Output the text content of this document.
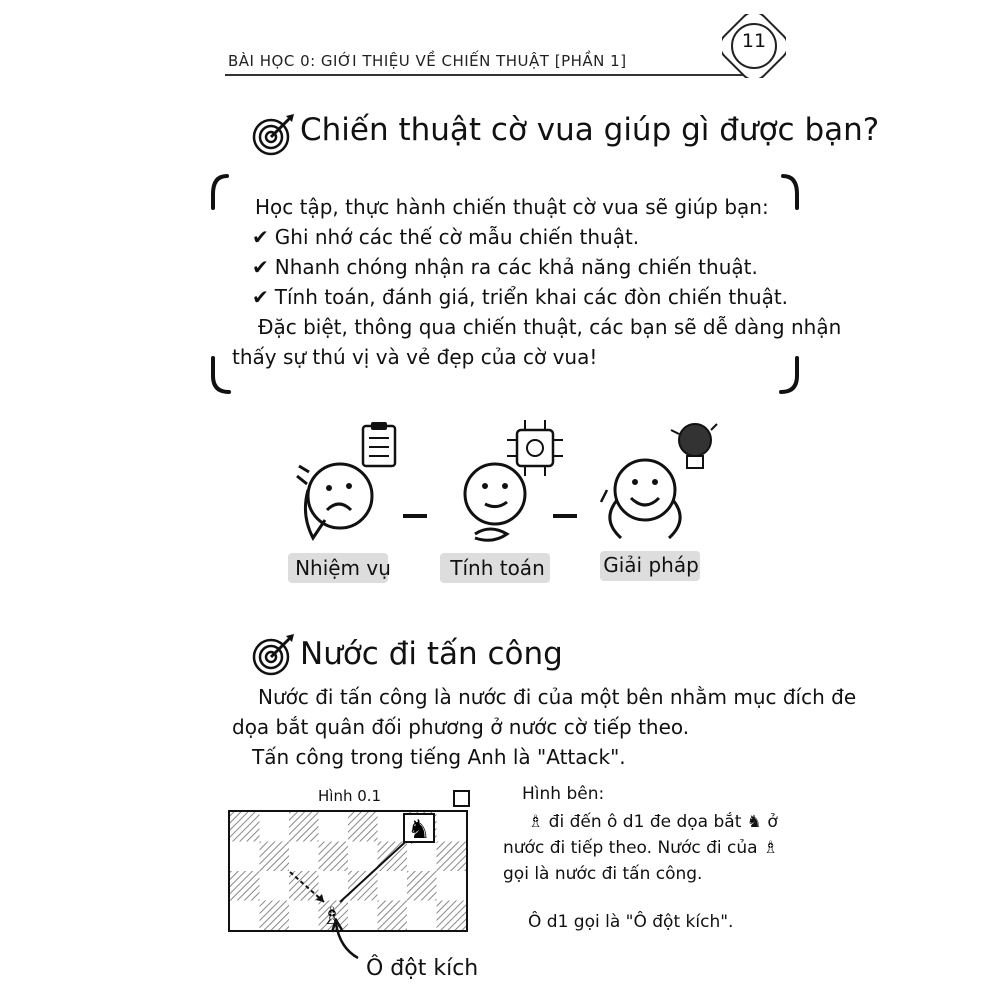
BÀI HỌC 0: GIỚI THIỆU VỀ CHIẾN THUẬT [PHẦN 1]
11
Chiến thuật cờ vua giúp gì được bạn?
Học tập, thực hành chiến thuật cờ vua sẽ giúp bạn:
✔ Ghi nhớ các thế cờ mẫu chiến thuật.
✔ Nhanh chóng nhận ra các khả năng chiến thuật.
✔ Tính toán, đánh giá, triển khai các đòn chiến thuật.
Đặc biệt, thông qua chiến thuật, các bạn sẽ dễ dàng nhận
thấy sự thú vị và vẻ đẹp của cờ vua!
Nhiệm vụ	Tính toán	Giải pháp
Nước đi tấn công
Nước đi tấn công là nước đi của một bên nhằm mục đích đe
dọa bắt quân đối phương ở nước cờ tiếp theo.
Tấn công trong tiếng Anh là "Attack".
Hình 0.1
♞
♗
Ô đột kích
Hình bên:
♗ đi đến ô d1 đe dọa bắt ♞ ở
nước đi tiếp theo. Nước đi của ♗
gọi là nước đi tấn công.
Ô d1 gọi là "Ô đột kích".
